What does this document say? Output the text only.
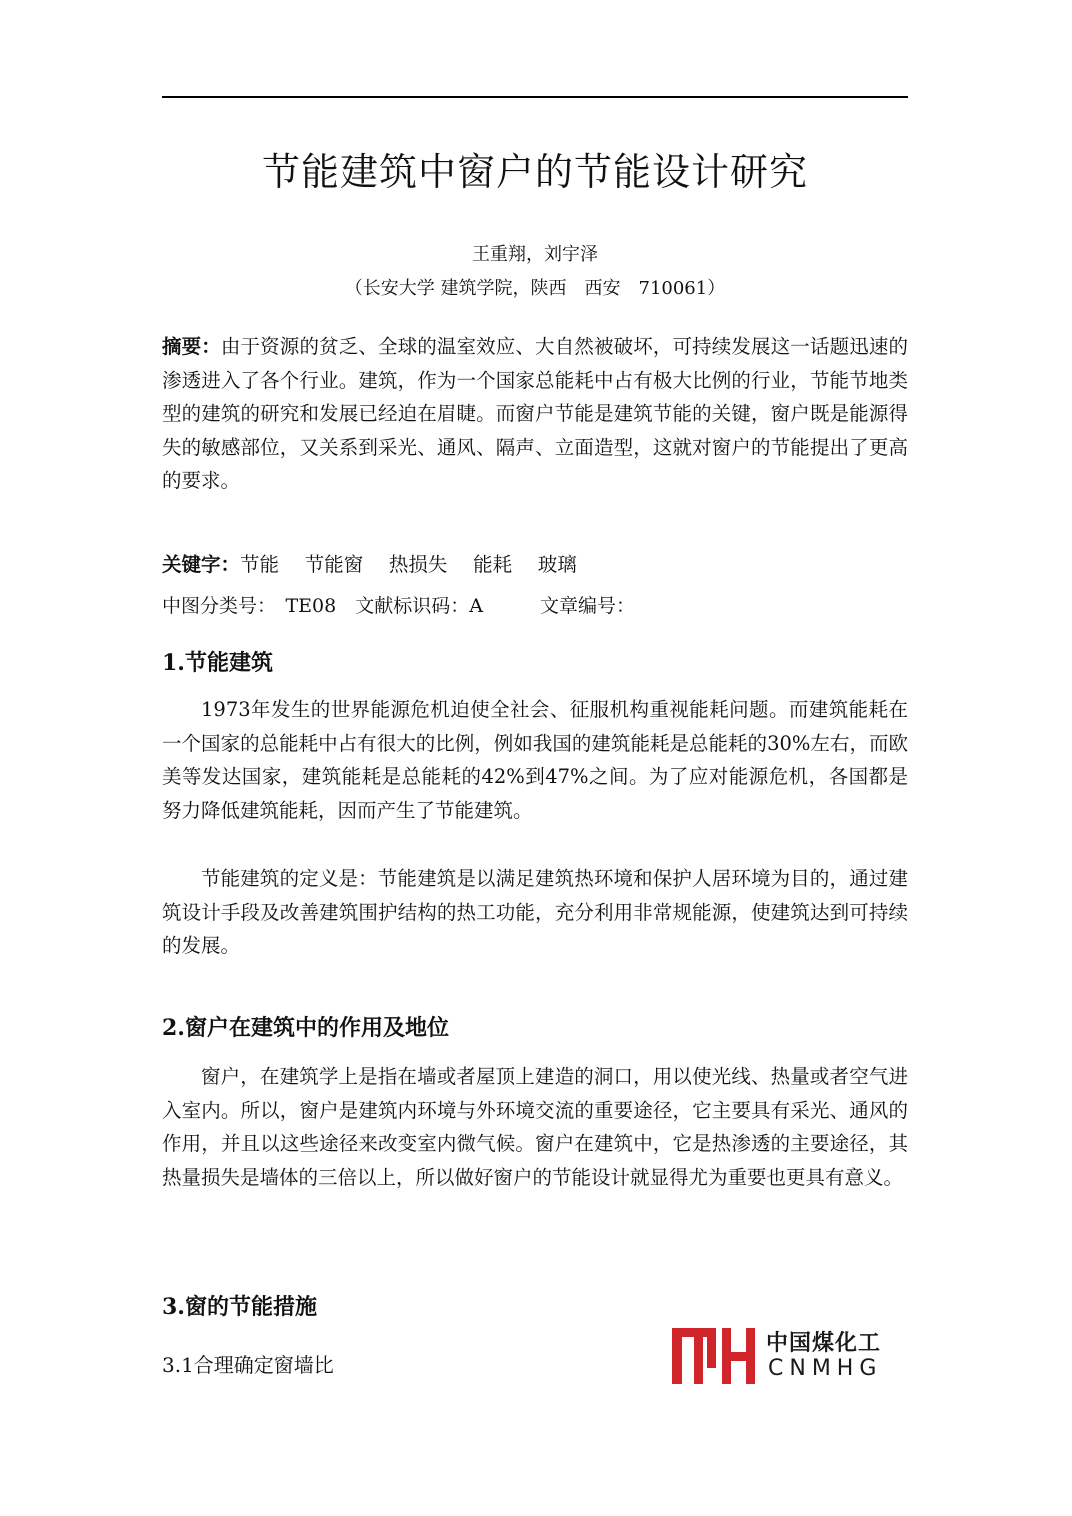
节能建筑中窗户的节能设计研究
王重翔，刘宇泽
（长安大学 建筑学院，陕西　西安　710061）
摘要：由于资源的贫乏、全球的温室效应、大自然被破坏，可持续发展这一话题迅速的渗透进入了各个行业。建筑，作为一个国家总能耗中占有极大比例的行业，节能节地类型的建筑的研究和发展已经迫在眉睫。而窗户节能是建筑节能的关键，窗户既是能源得失的敏感部位，又关系到采光、通风、隔声、立面造型，这就对窗户的节能提出了更高的要求。
关键字：节能　 节能窗　 热损失　 能耗　 玻璃
中图分类号：　TE08　文献标识码：A　　　文章编号：
1.节能建筑
1973年发生的世界能源危机迫使全社会、征服机构重视能耗问题。而建筑能耗在一个国家的总能耗中占有很大的比例，例如我国的建筑能耗是总能耗的30%左右，而欧美等发达国家，建筑能耗是总能耗的42%到47%之间。为了应对能源危机，各国都是努力降低建筑能耗，因而产生了节能建筑。
节能建筑的定义是：节能建筑是以满足建筑热环境和保护人居环境为目的，通过建筑设计手段及改善建筑围护结构的热工功能，充分利用非常规能源，使建筑达到可持续的发展。
2.窗户在建筑中的作用及地位
窗户，在建筑学上是指在墙或者屋顶上建造的洞口，用以使光线、热量或者空气进入室内。所以，窗户是建筑内环境与外环境交流的重要途径，它主要具有采光、通风的作用，并且以这些途径来改变室内微气候。窗户在建筑中，它是热渗透的主要途径，其热量损失是墙体的三倍以上，所以做好窗户的节能设计就显得尤为重要也更具有意义。
3.窗的节能措施
3.1合理确定窗墙比
中国煤化工
CNMHG
